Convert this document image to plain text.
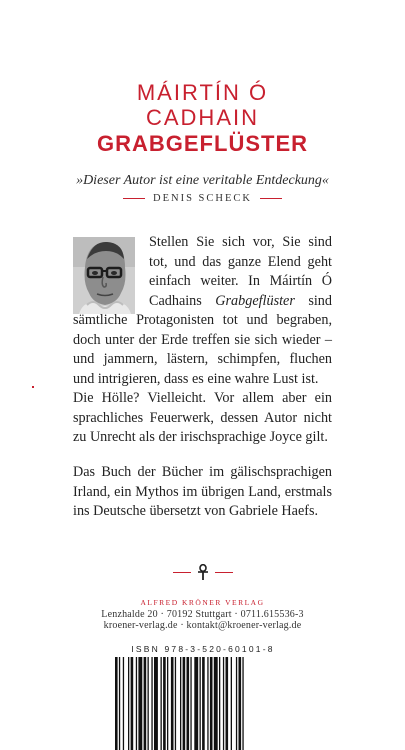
MÁIRTÍN Ó
CADHAIN
GRABGEFLÜSTER
»Dieser Autor ist eine veritable Entdeckung«
DENIS SCHECK
Stellen Sie sich vor, Sie sind tot, und das ganze Elend geht einfach weiter. In Máirtín Ó Cadhains Grabgeflüster sind sämtliche Protagonisten tot und begraben, doch unter der Erde treffen sie sich wieder – und jammern, lästern, schimpfen, fluchen und intrigieren, dass es eine wahre Lust ist.
Die Hölle? Vielleicht. Vor allem aber ein sprachliches Feuerwerk, dessen Autor nicht zu Unrecht als der irischsprachige Joyce gilt.
Das Buch der Bücher im gälischsprachigen Irland, ein Mythos im übrigen Land, erstmals ins Deutsche übersetzt von Gabriele Haefs.
ALFRED KRÖNER VERLAG
Lenzhalde 20 · 70192 Stuttgart · 0711.615536-3
kroener-verlag.de · kontakt@kroener-verlag.de
ISBN 978-3-520-60101-8
